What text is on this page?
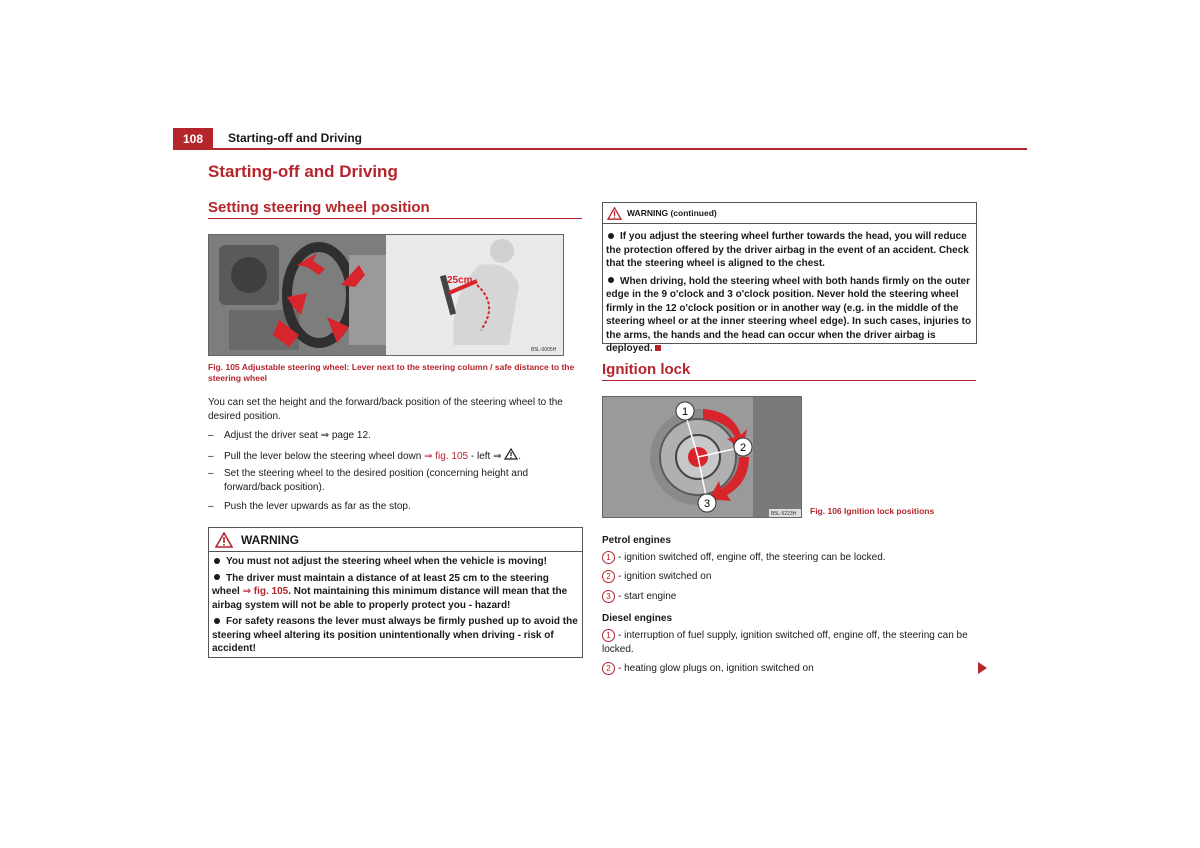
108	Starting-off and Driving
Starting-off and Driving
Setting steering wheel position
25cm
B5L-0005H
Fig. 105 Adjustable steering wheel: Lever next to the steering column / safe distance to the steering wheel
You can set the height and the forward/back position of the steering wheel to the desired position.
– Adjust the driver seat ⇒ page 12.
– Pull the lever below the steering wheel down ⇒ fig. 105 - left ⇒ .
–	Set the steering wheel to the desired position (concerning height and forward/back position).
– Push the lever upwards as far as the stop.
WARNING
You must not adjust the steering wheel when the vehicle is moving!
The driver must maintain a distance of at least 25 cm to the steering wheel ⇒ fig. 105. Not maintaining this minimum distance will mean that the airbag system will not be able to properly protect you - hazard!
For safety reasons the lever must always be firmly pushed up to avoid the steering wheel altering its position unintentionally when driving - risk of accident!
WARNING (continued)
If you adjust the steering wheel further towards the head, you will reduce the protection offered by the driver airbag in the event of an accident. Check that the steering wheel is aligned to the chest.
When driving, hold the steering wheel with both hands firmly on the outer edge in the 9 o'clock and 3 o'clock position. Never hold the steering wheel firmly in the 12 o'clock position or in another way (e.g. in the middle of the steering wheel or at the inner steering wheel edge). In such cases, injuries to the arms, the hands and the head can occur when the driver airbag is deployed.
Ignition lock
1
2
3
B5L-5223H Fig. 106 Ignition lock positions
Petrol engines
1 - ignition switched off, engine off, the steering can be locked.
2 - ignition switched on
3 - start engine
Diesel engines
1 - interruption of fuel supply, ignition switched off, engine off, the steering can be locked.
2 - heating glow plugs on, ignition switched on
